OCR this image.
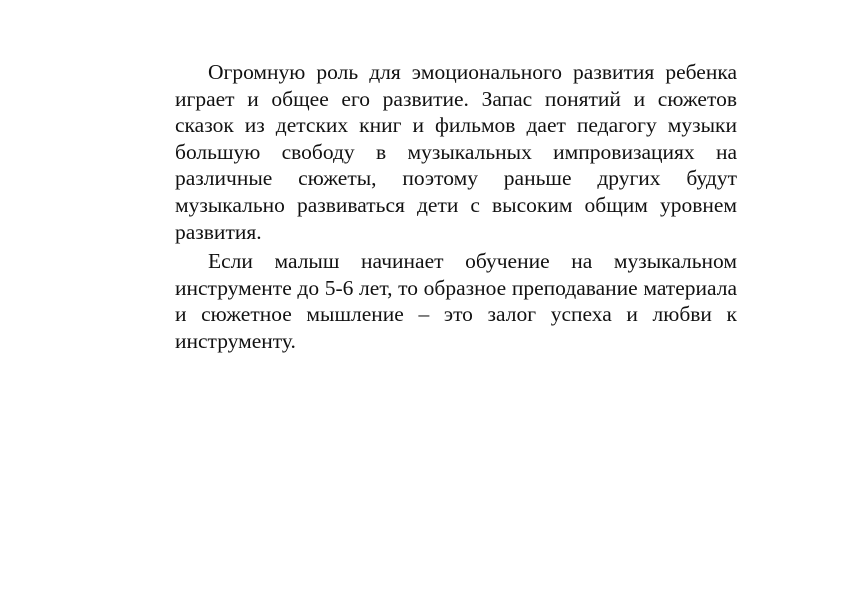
Огромную роль для эмоционального развития ребенка играет и общее его развитие. Запас понятий и сюжетов сказок из детских книг и фильмов дает педагогу музыки большую свободу в музыкальных импровизациях на различные сюжеты, поэтому раньше других будут музыкально развиваться дети с высоким общим уровнем развития.

Если малыш начинает обучение на музыкальном инструменте до 5-6 лет, то образное преподавание материала и сюжетное мышление – это залог успеха и любви к инструменту.
